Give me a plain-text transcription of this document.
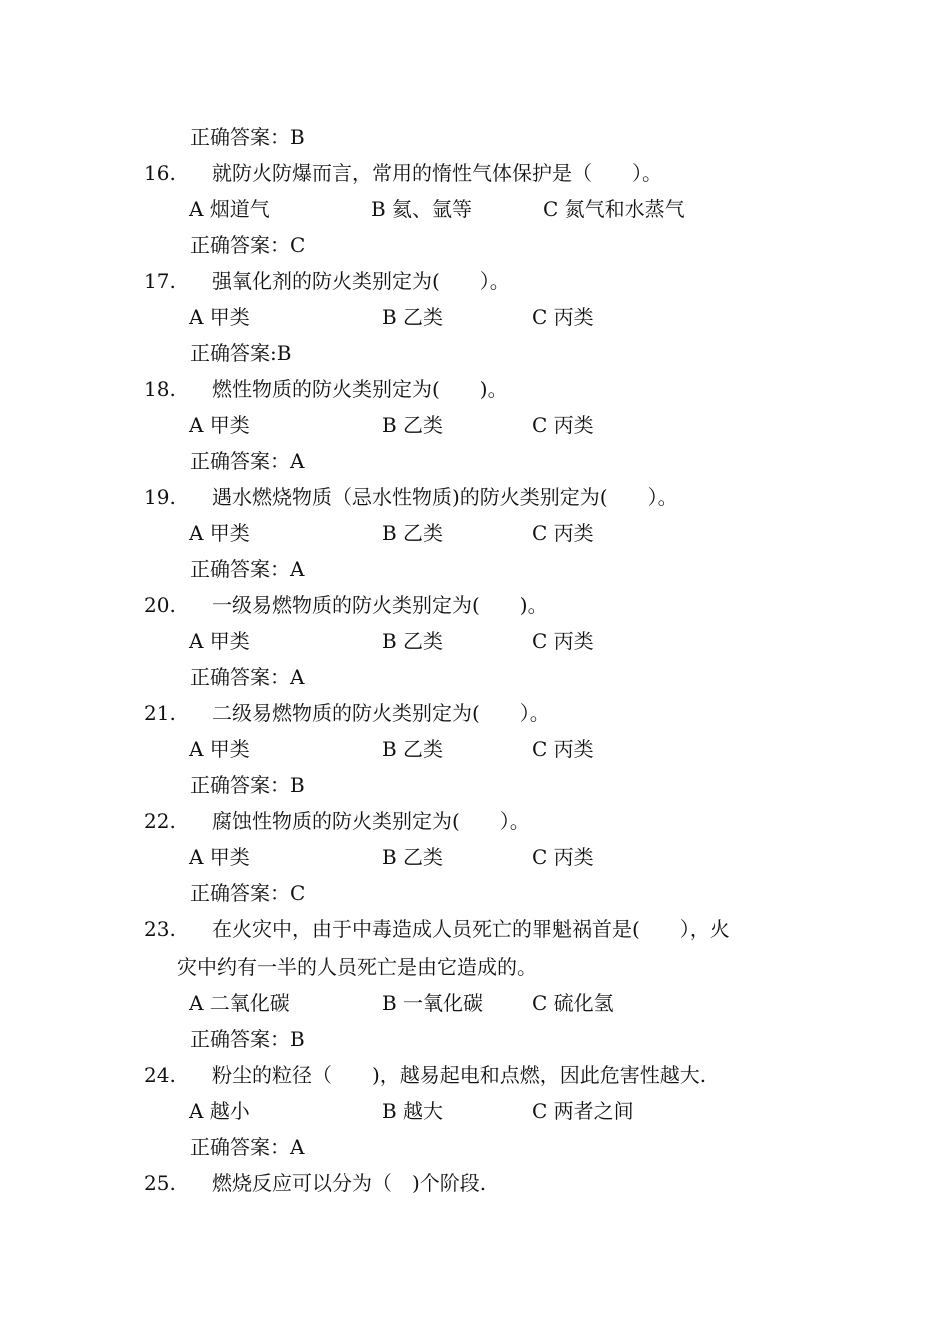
正确答案：B
16. 就防火防爆而言，常用的惰性气体保护是（　　）。
A 烟道气	B 氦、氩等	C 氮气和水蒸气
正确答案：C
17. 强氧化剂的防火类别定为(　　）。
A 甲类	B 乙类	C 丙类
正确答案:B
18. 燃性物质的防火类别定为(　　)。
A 甲类	B 乙类	C 丙类
正确答案：A
19. 遇水燃烧物质（忌水性物质)的防火类别定为(　　）。
A 甲类	B 乙类	C 丙类
正确答案：A
20. 一级易燃物质的防火类别定为(　　)。
A 甲类	B 乙类	C 丙类
正确答案：A
21. 二级易燃物质的防火类别定为(　　）。
A 甲类	B 乙类	C 丙类
正确答案：B
22. 腐蚀性物质的防火类别定为(　　）。
A 甲类	B 乙类	C 丙类
正确答案：C
23. 在火灾中，由于中毒造成人员死亡的罪魁祸首是(　　），火
灾中约有一半的人员死亡是由它造成的。
A 二氧化碳	B 一氧化碳 C 硫化氢
正确答案：B
24. 粉尘的粒径（　　)，越易起电和点燃，因此危害性越大.
A 越小	B 越大	C 两者之间
正确答案：A
25. 燃烧反应可以分为（　)个阶段.
